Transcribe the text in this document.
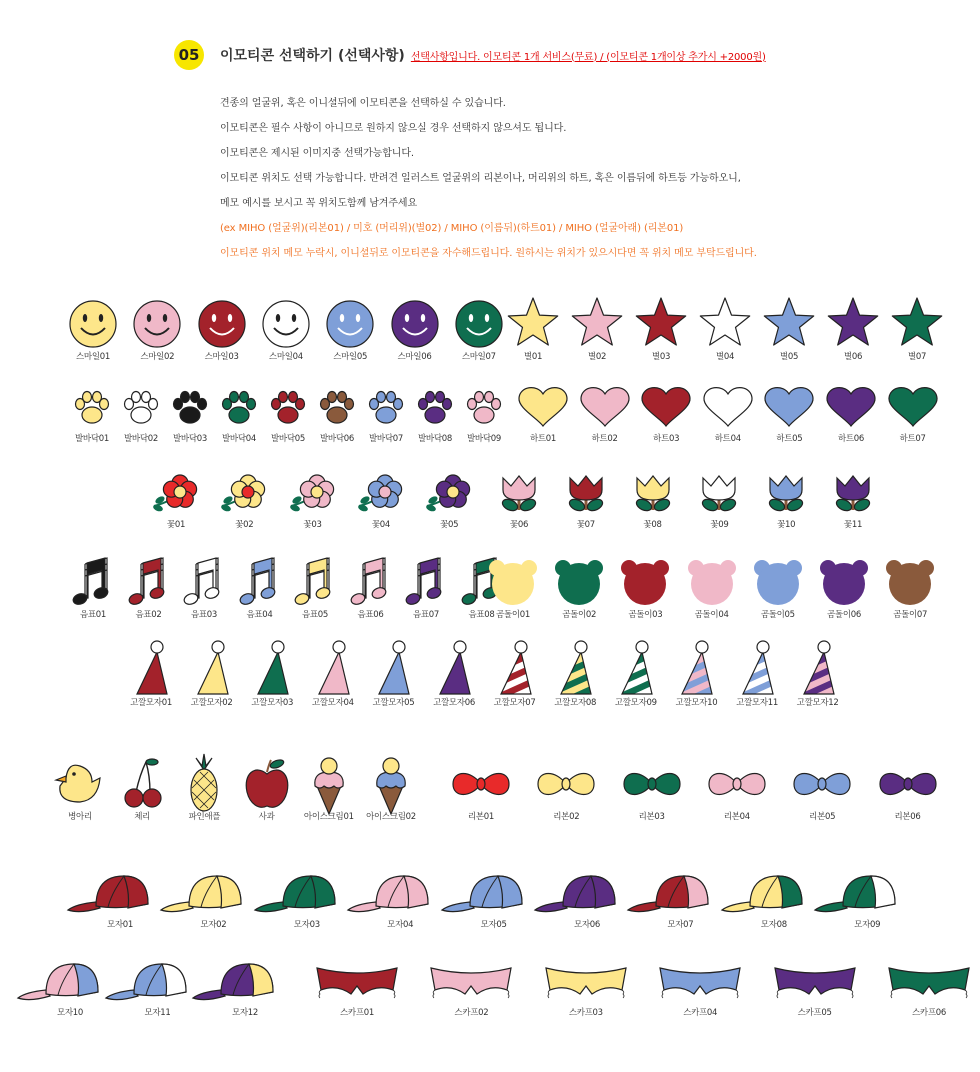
05	이모티콘 선택하기 (선택사항) 선택사항입니다. 이모티콘 1개 서비스(무료) / (이모티콘 1개이상 추가시 +2000원)
견종의 얼굴위, 혹은 이니셜뒤에 이모티콘을 선택하실 수 있습니다.
이모티콘은 필수 사항이 아니므로 원하지 않으실 경우 선택하지 않으셔도 됩니다.
이모티콘은 제시된 이미지중 선택가능합니다.
이모티콘 위치도 선택 가능합니다. 반려견 일러스트 얼굴위의 리본이나, 머리위의 하트, 혹은 이름뒤에 하트등 가능하오니,
메모 예시를 보시고 꼭 위치도함께 남겨주세요
(ex MIHO (얼굴위)(리본01) / 미호 (머리위)(별02) / MIHO (이름뒤)(하트01) / MIHO (얼굴아래) (리본01)
이모티콘 위치 메모 누락시, 이니셜뒤로 이모티콘을 자수해드립니다. 원하시는 위치가 있으시다면 꼭 위치 메모 부탁드립니다.
스마일01	스마일02	스마일03	스마일04	스마일05	스마일06	스마일07	별01	별02	별03	별04	별05	별06	별07
발바닥01	발바닥02	발바닥03	발바닥04	발바닥05	발바닥06	발바닥07	발바닥08	발바닥09	하트01	하트02	하트03	하트04	하트05	하트06	하트07
꽃01	꽃02	꽃03	꽃04	꽃05	꽃06	꽃07	꽃08	꽃09	꽃10	꽃11
음표01	음표02	음표03	음표04	음표05	음표06	음표07	음표08 곰돌이01	곰돌이02	곰돌이03	곰돌이04	곰돌이05	곰돌이06	곰돌이07
고깔모자01	고깔모자02	고깔모자03	고깔모자04	고깔모자05	고깔모자06	고깔모자07	고깔모자08	고깔모자09	고깔모자10	고깔모자11	고깔모자12
병아리	체리	파인애플	사과	아이스크림01	아이스크림02	리본01	리본02	리본03	리본04	리본05	리본06
모자01	모자02	모자03	모자04	모자05	모자06	모자07	모자08	모자09
모자10	모자11	모자12	스카프01	스카프02	스카프03	스카프04	스카프05	스카프06
